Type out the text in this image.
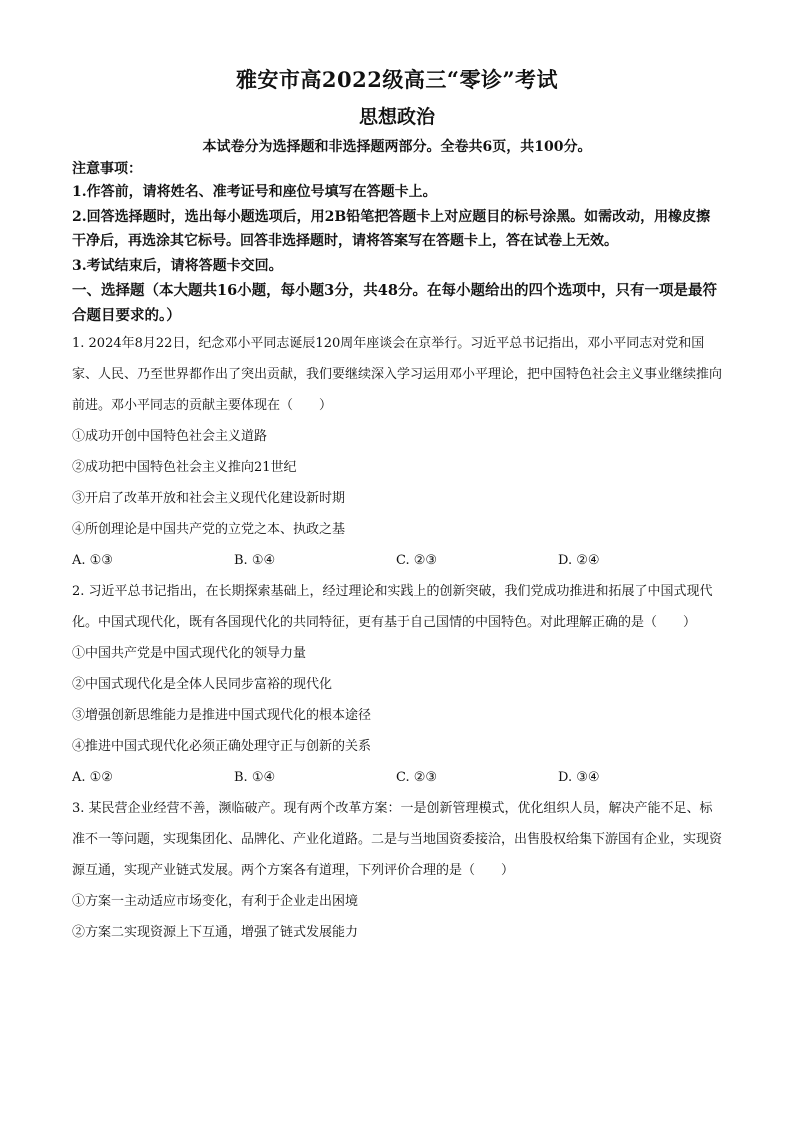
雅安市高2022级高三“零诊”考试
思想政治
本试卷分为选择题和非选择题两部分。全卷共6页，共100分。
注意事项：
1.作答前，请将姓名、准考证号和座位号填写在答题卡上。
2.回答选择题时，选出每小题选项后，用2B铅笔把答题卡上对应题目的标号涂黑。如需改动，用橡皮擦干净后，再选涂其它标号。回答非选择题时，请将答案写在答题卡上，答在试卷上无效。
3.考试结束后，请将答题卡交回。
一、选择题（本大题共16小题，每小题3分，共48分。在每小题给出的四个选项中，只有一项是最符合题目要求的。）
1. 2024年8月22日，纪念邓小平同志诞辰120周年座谈会在京举行。习近平总书记指出，邓小平同志对党和国家、人民、乃至世界都作出了突出贡献，我们要继续深入学习运用邓小平理论，把中国特色社会主义事业继续推向前进。邓小平同志的贡献主要体现在（　　）
①成功开创中国特色社会主义道路
②成功把中国特色社会主义推向21世纪
③开启了改革开放和社会主义现代化建设新时期
④所创理论是中国共产党的立党之本、执政之基
A. ①③	B. ①④	C. ②③	D. ②④
2. 习近平总书记指出，在长期探索基础上，经过理论和实践上的创新突破，我们党成功推进和拓展了中国式现代化。中国式现代化，既有各国现代化的共同特征，更有基于自己国情的中国特色。对此理解正确的是（　　）
①中国共产党是中国式现代化的领导力量
②中国式现代化是全体人民同步富裕的现代化
③增强创新思维能力是推进中国式现代化的根本途径
④推进中国式现代化必须正确处理守正与创新的关系
A. ①②	B. ①④	C. ②③	D. ③④
3. 某民营企业经营不善，濒临破产。现有两个改革方案：一是创新管理模式，优化组织人员，解决产能不足、标准不一等问题，实现集团化、品牌化、产业化道路。二是与当地国资委接洽，出售股权给集下游国有企业，实现资源互通，实现产业链式发展。两个方案各有道理，下列评价合理的是（　　）
①方案一主动适应市场变化，有利于企业走出困境
②方案二实现资源上下互通，增强了链式发展能力
